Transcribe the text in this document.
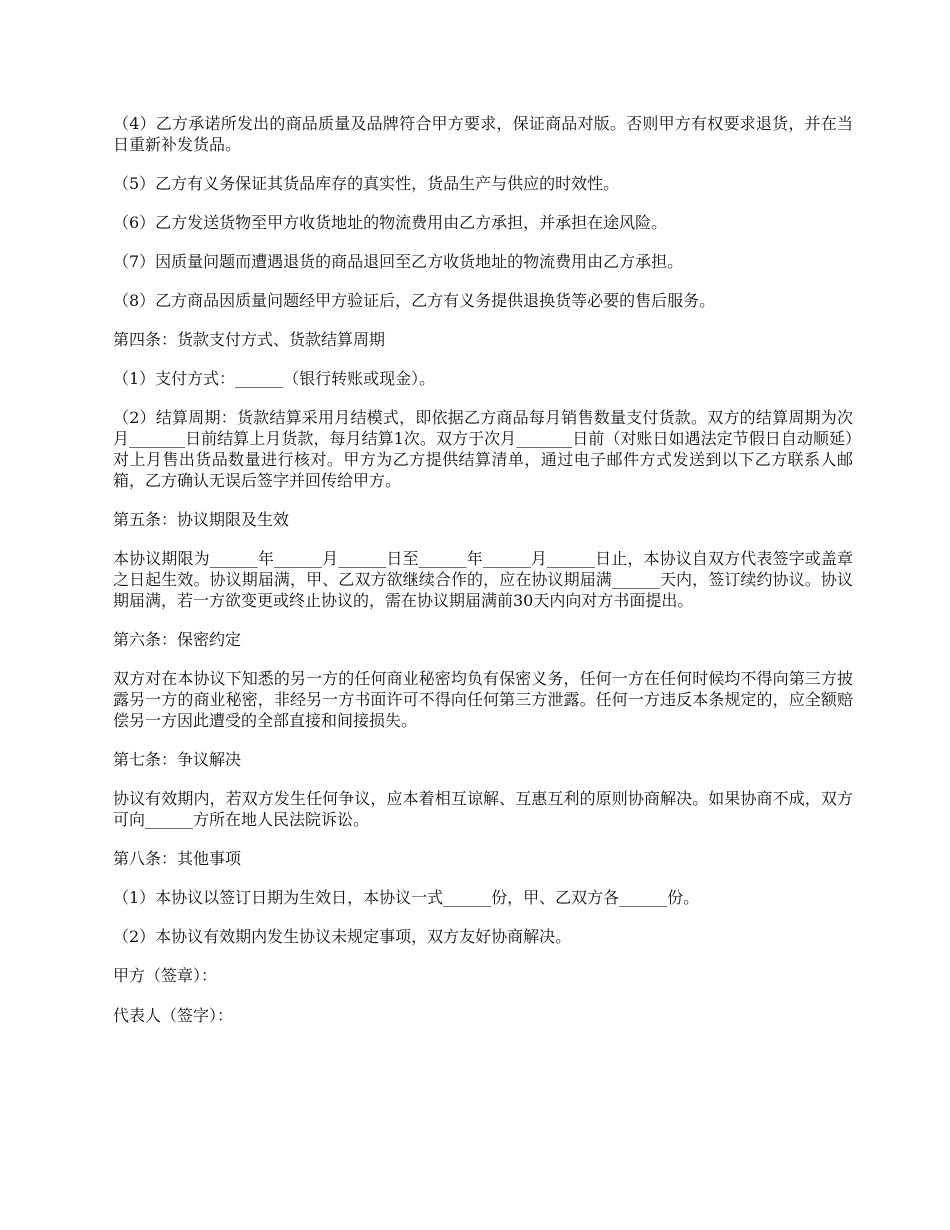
（4）乙方承诺所发出的商品质量及品牌符合甲方要求，保证商品对版。否则甲方有权要求退货，并在当日重新补发货品。

（5）乙方有义务保证其货品库存的真实性，货品生产与供应的时效性。

（6）乙方发送货物至甲方收货地址的物流费用由乙方承担，并承担在途风险。

（7）因质量问题而遭遇退货的商品退回至乙方收货地址的物流费用由乙方承担。

（8）乙方商品因质量问题经甲方验证后，乙方有义务提供退换货等必要的售后服务。

第四条：货款支付方式、货款结算周期

（1）支付方式：______（银行转账或现金）。

（2）结算周期：货款结算采用月结模式，即依据乙方商品每月销售数量支付货款。双方的结算周期为次月_______日前结算上月货款，每月结算1次。双方于次月_______日前（对账日如遇法定节假日自动顺延）对上月售出货品数量进行核对。甲方为乙方提供结算清单，通过电子邮件方式发送到以下乙方联系人邮箱，乙方确认无误后签字并回传给甲方。

第五条：协议期限及生效

本协议期限为______年______月______日至______年______月______日止，本协议自双方代表签字或盖章之日起生效。协议期届满，甲、乙双方欲继续合作的，应在协议期届满______天内，签订续约协议。协议期届满，若一方欲变更或终止协议的，需在协议期届满前30天内向对方书面提出。

第六条：保密约定

双方对在本协议下知悉的另一方的任何商业秘密均负有保密义务，任何一方在任何时候均不得向第三方披露另一方的商业秘密，非经另一方书面许可不得向任何第三方泄露。任何一方违反本条规定的，应全额赔偿另一方因此遭受的全部直接和间接损失。

第七条：争议解决

协议有效期内，若双方发生任何争议，应本着相互谅解、互惠互利的原则协商解决。如果协商不成，双方可向______方所在地人民法院诉讼。

第八条：其他事项

（1）本协议以签订日期为生效日，本协议一式______份，甲、乙双方各______份。

（2）本协议有效期内发生协议未规定事项，双方友好协商解决。

甲方（签章）：

代表人（签字）：
